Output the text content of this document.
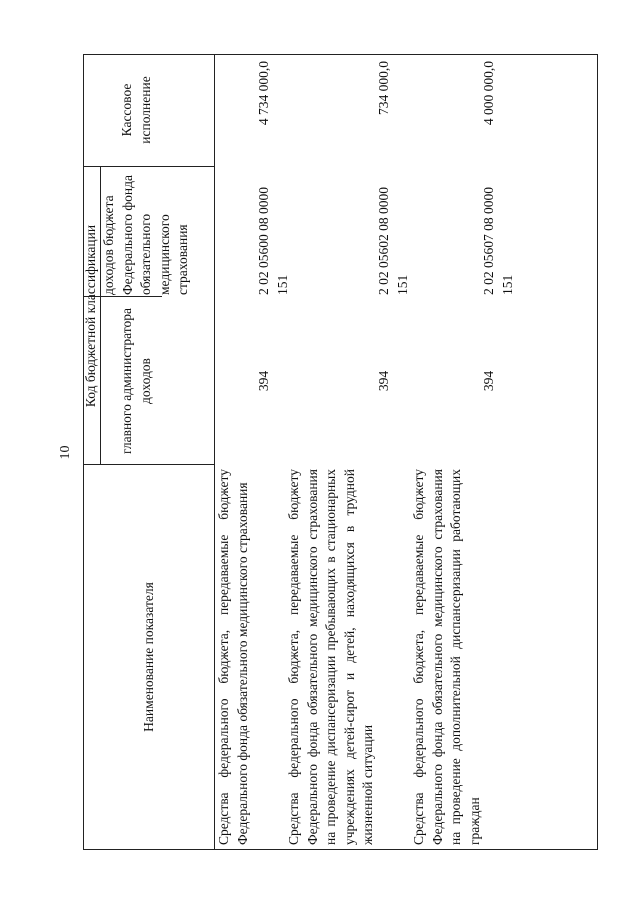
10
Наименование показателя
Код бюджетной классификации главного администратора доходов
доходов бюджета Федерального фонда обязательного медицинского страхования
Кассовое исполнение
Средства федерального бюджета, передаваемые бюджету Федерального фонда обязательного медицинского страхования
394
2 02 05600 08 0000 151
4 734 000,0
Средства федерального бюджета, передаваемые бюджету Федерального фонда обязательного медицинского страхования на проведение диспансеризации пребывающих в стационарных учреждениях детей-сирот и детей, находящихся в трудной жизненной ситуации
394
2 02 05602 08 0000 151
734 000,0
Средства федерального бюджета, передаваемые бюджету Федерального фонда обязательного медицинского страхования на проведение дополнительной диспансеризации работающих граждан
394
2 02 05607 08 0000 151
4 000 000,0
